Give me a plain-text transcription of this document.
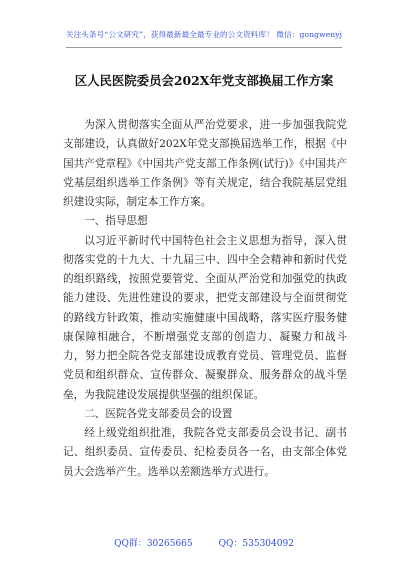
关注头条号“公文研究”，获得最新最全最专业的公文资料库！ 微信：gongwenyj
区人民医院委员会202X年党支部换届工作方案

为深入贯彻落实全面从严治党要求，进一步加强我院党支部建设，认真做好202X年党支部换届选举工作，根据《中国共产党章程》《中国共产党支部工作条例(试行)》《中国共产党基层组织选举工作条例》等有关规定，结合我院基层党组织建设实际，制定本工作方案。

一、指导思想

以习近平新时代中国特色社会主义思想为指导，深入贯彻落实党的十九大、十九届三中、四中全会精神和新时代党的组织路线，按照党要管党、全面从严治党和加强党的执政能力建设、先进性建设的要求，把党支部建设与全面贯彻党的路线方针政策，推动实施健康中国战略，落实医疗服务健康保障相融合，不断增强党支部的创造力、凝聚力和战斗力，努力把全院各党支部建设成教育党员、管理党员、监督党员和组织群众、宣传群众、凝聚群众、服务群众的战斗堡垒，为我院建设发展提供坚强的组织保证。

二、医院各党支部委员会的设置

经上级党组织批准，我院各党支部委员会设书记、副书记、组织委员、宣传委员、纪检委员各一名，由支部全体党员大会选举产生。选举以差额选举方式进行。

QQ群：30265665	QQ：535304092
